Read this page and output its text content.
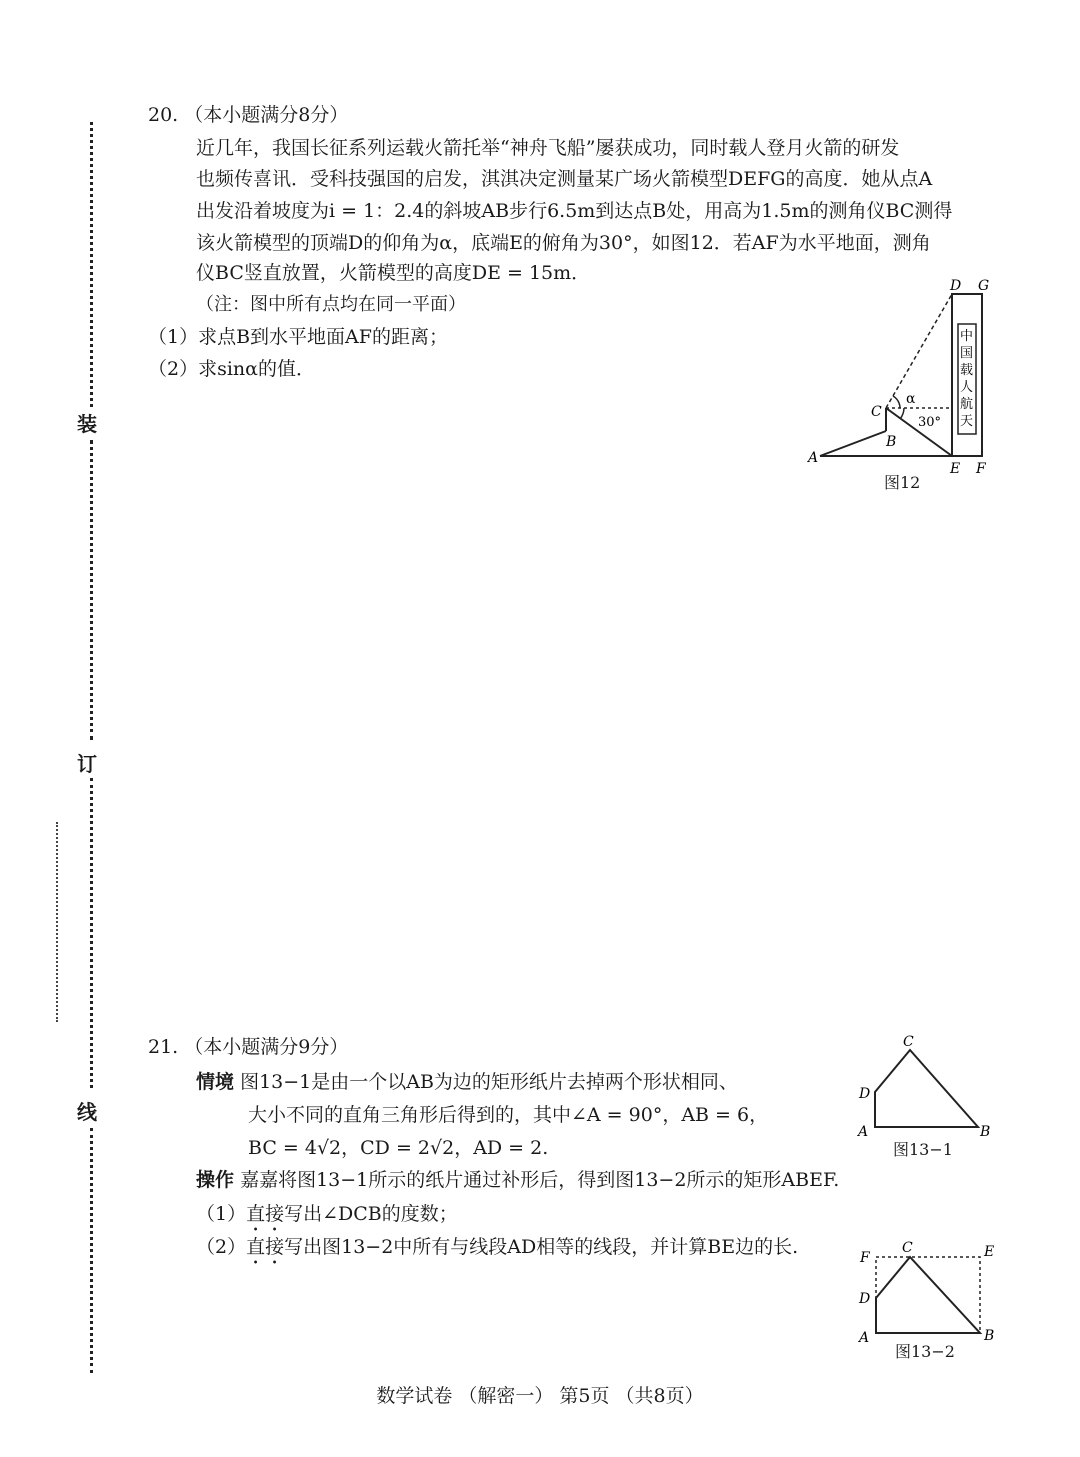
装
订
线
20. （本小题满分8分）
近几年，我国长征系列运载火箭托举“神舟飞船”屡获成功，同时载人登月火箭的研发
也频传喜讯．受科技强国的启发，淇淇决定测量某广场火箭模型DEFG的高度．她从点A
出发沿着坡度为i = 1：2.4的斜坡AB步行6.5m到达点B处，用高为1.5m的测角仪BC测得
该火箭模型的顶端D的仰角为α，底端E的俯角为30°，如图12．若AF为水平地面，测角
仪BC竖直放置，火箭模型的高度DE = 15m．
（注：图中所有点均在同一平面）
（1）求点B到水平地面AF的距离；
（2）求sinα的值．
D G
C
B
A
E F
α
30°
中
国
载
人
航
天
图12
21. （本小题满分9分）
情境 图13−1是由一个以AB为边的矩形纸片去掉两个形状相同、
大小不同的直角三角形后得到的，其中∠A = 90°，AB = 6，
BC = 4√2，CD = 2√2，AD = 2.
操作 嘉嘉将图13−1所示的纸片通过补形后，得到图13−2所示的矩形ABEF.
（1）直接写出∠DCB的度数；
（2）直接写出图13−2中所有与线段AD相等的线段，并计算BE边的长.
C
D
A	B
图13−1
F
C	E
D
A	B
图13−2
数学试卷 （解密一） 第5页 （共8页）
